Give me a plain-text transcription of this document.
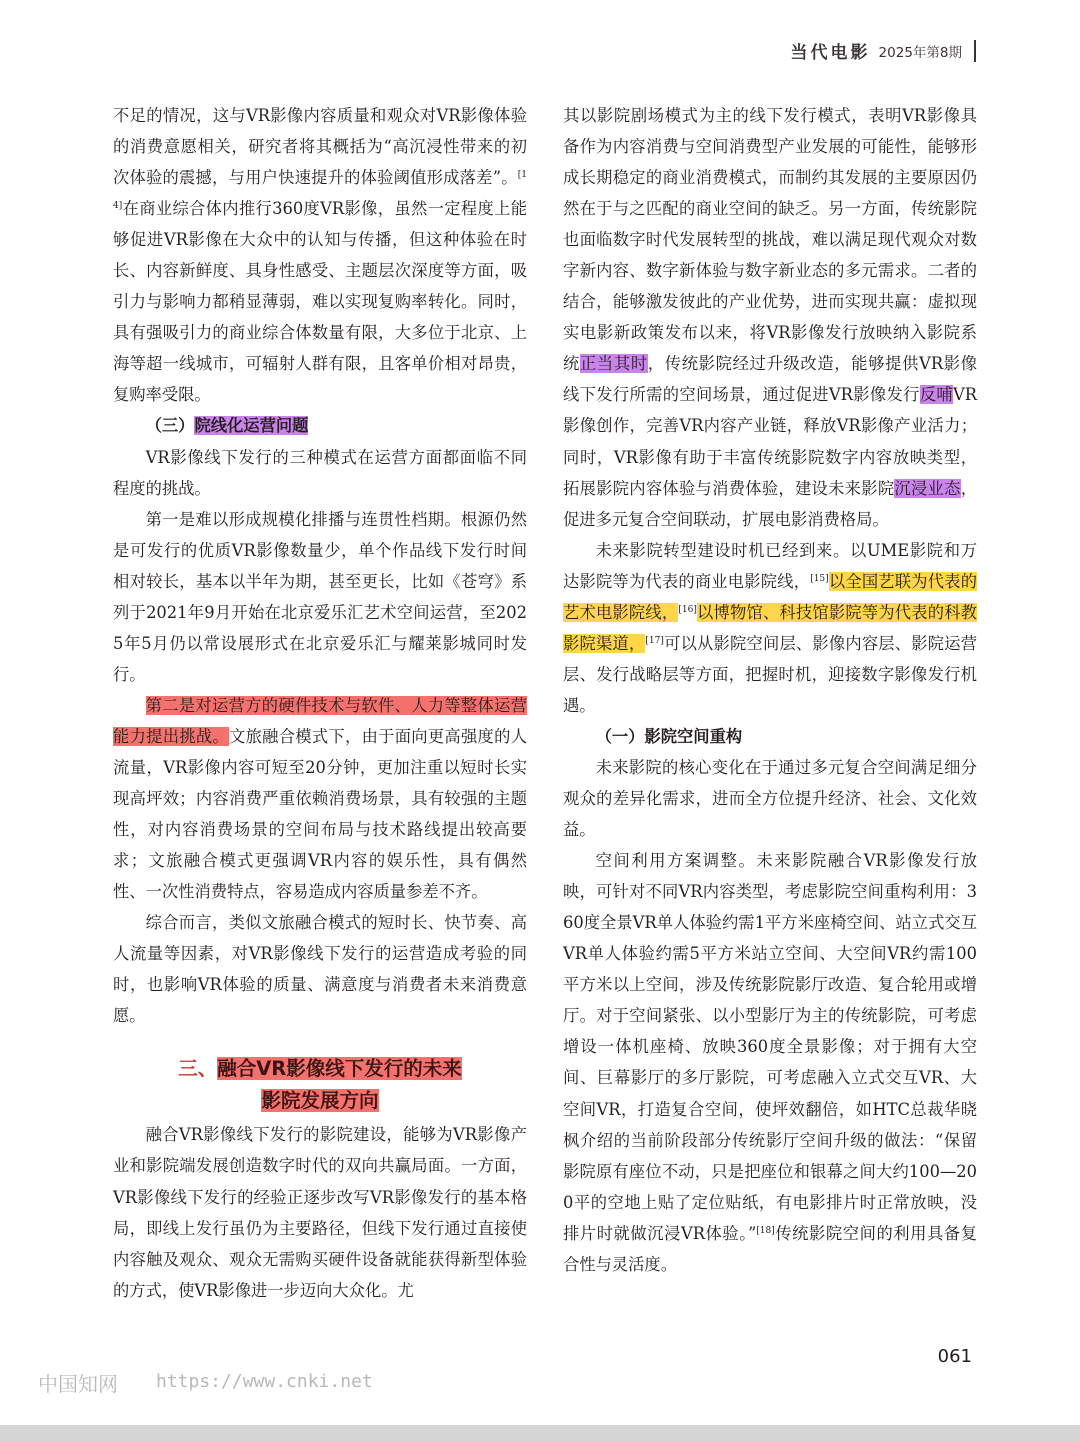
当代电影 2025年第8期

不足的情况，这与VR影像内容质量和观众对VR影像体验的消费意愿相关，研究者将其概括为“高沉浸性带来的初次体验的震撼，与用户快速提升的体验阈值形成落差”。[14]在商业综合体内推行360度VR影像，虽然一定程度上能够促进VR影像在大众中的认知与传播，但这种体验在时长、内容新鲜度、具身性感受、主题层次深度等方面，吸引力与影响力都稍显薄弱，难以实现复购率转化。同时，具有强吸引力的商业综合体数量有限，大多位于北京、上海等超一线城市，可辐射人群有限，且客单价相对昂贵，复购率受限。

（三）院线化运营问题

VR影像线下发行的三种模式在运营方面都面临不同程度的挑战。

第一是难以形成规模化排播与连贯性档期。根源仍然是可发行的优质VR影像数量少，单个作品线下发行时间相对较长，基本以半年为期，甚至更长，比如《苍穹》系列于2021年9月开始在北京爱乐汇艺术空间运营，至2025年5月仍以常设展形式在北京爱乐汇与耀莱影城同时发行。

第二是对运营方的硬件技术与软件、人力等整体运营能力提出挑战。文旅融合模式下，由于面向更高强度的人流量，VR影像内容可短至20分钟，更加注重以短时长实现高坪效；内容消费严重依赖消费场景，具有较强的主题性，对内容消费场景的空间布局与技术路线提出较高要求；文旅融合模式更强调VR内容的娱乐性，具有偶然性、一次性消费特点，容易造成内容质量参差不齐。

综合而言，类似文旅融合模式的短时长、快节奏、高人流量等因素，对VR影像线下发行的运营造成考验的同时，也影响VR体验的质量、满意度与消费者未来消费意愿。

三、融合VR影像线下发行的未来
影院发展方向

融合VR影像线下发行的影院建设，能够为VR影像产业和影院端发展创造数字时代的双向共赢局面。一方面，VR影像线下发行的经验正逐步改写VR影像发行的基本格局，即线上发行虽仍为主要路径，但线下发行通过直接使内容触及观众、观众无需购买硬件设备就能获得新型体验的方式，使VR影像进一步迈向大众化。尤

其以影院剧场模式为主的线下发行模式，表明VR影像具备作为内容消费与空间消费型产业发展的可能性，能够形成长期稳定的商业消费模式，而制约其发展的主要原因仍然在于与之匹配的商业空间的缺乏。另一方面，传统影院也面临数字时代发展转型的挑战，难以满足现代观众对数字新内容、数字新体验与数字新业态的多元需求。二者的结合，能够激发彼此的产业优势，进而实现共赢：虚拟现实电影新政策发布以来，将VR影像发行放映纳入影院系统正当其时，传统影院经过升级改造，能够提供VR影像线下发行所需的空间场景，通过促进VR影像发行反哺VR影像创作，完善VR内容产业链，释放VR影像产业活力；同时，VR影像有助于丰富传统影院数字内容放映类型，拓展影院内容体验与消费体验，建设未来影院沉浸业态，促进多元复合空间联动，扩展电影消费格局。

未来影院转型建设时机已经到来。以UME影院和万达影院等为代表的商业电影院线，[15]以全国艺联为代表的艺术电影院线，[16]以博物馆、科技馆影院等为代表的科教影院渠道，[17]可以从影院空间层、影像内容层、影院运营层、发行战略层等方面，把握时机，迎接数字影像发行机遇。

（一）影院空间重构

未来影院的核心变化在于通过多元复合空间满足细分观众的差异化需求，进而全方位提升经济、社会、文化效益。

空间利用方案调整。未来影院融合VR影像发行放映，可针对不同VR内容类型，考虑影院空间重构利用：360度全景VR单人体验约需1平方米座椅空间、站立式交互VR单人体验约需5平方米站立空间、大空间VR约需100平方米以上空间，涉及传统影院影厅改造、复合轮用或增厅。对于空间紧张、以小型影厅为主的传统影院，可考虑增设一体机座椅、放映360度全景影像；对于拥有大空间、巨幕影厅的多厅影院，可考虑融入立式交互VR、大空间VR，打造复合空间，使坪效翻倍，如HTC总裁华晓枫介绍的当前阶段部分传统影厅空间升级的做法：“保留影院原有座位不动，只是把座位和银幕之间大约100—200平的空地上贴了定位贴纸，有电影排片时正常放映，没排片时就做沉浸VR体验。”[18]传统影院空间的利用具备复合性与灵活度。

061
中国知网 https://www.cnki.net
